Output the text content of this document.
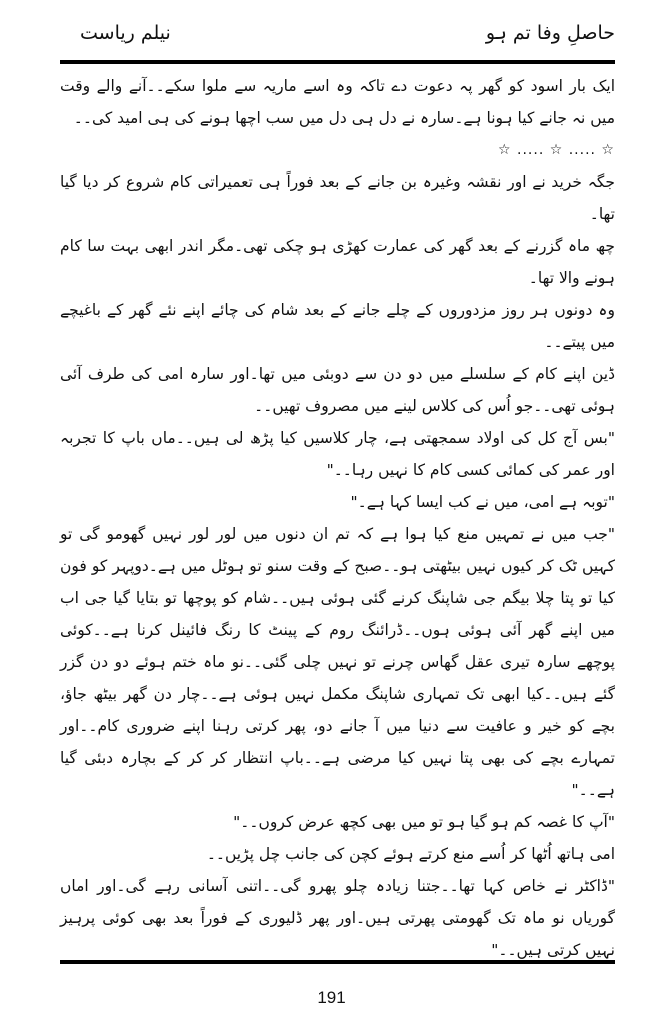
حاصلِ وفا تم ہو
نیلم ریاست

ایک بار اسود کو گھر پہ دعوت دے تاکہ وہ اسے ماریہ سے ملوا سکے۔۔آنے والے وقت میں نہ جانے کیا ہونا ہے۔سارہ نے دل ہی دل میں سب اچھا ہونے کی ہی امید کی۔۔

☆ ..... ☆ ..... ☆

جگہ خرید نے اور نقشہ وغیرہ بن جانے کے بعد فوراً ہی تعمیراتی کام شروع کر دیا گیا تھا۔

چھ ماہ گزرنے کے بعد گھر کی عمارت کھڑی ہو چکی تھی۔مگر اندر ابھی بہت سا کام ہونے والا تھا۔

وہ دونوں ہر روز مزدوروں کے چلے جانے کے بعد شام کی چائے اپنے نئے گھر کے باغیچے میں پیتے۔۔

ڈین اپنے کام کے سلسلے میں دو دن سے دوبئی میں تھا۔اور سارہ امی کی طرف آئی ہوئی تھی۔۔جو اُس کی کلاس لینے میں مصروف تھیں۔۔

"بس آج کل کی اولاد سمجھتی ہے، چار کلاسیں کیا پڑھ لی ہیں۔۔ماں باپ کا تجربہ اور عمر کی کمائی کسی کام کا نہیں رہا۔۔"

"توبہ ہے امی، میں نے کب ایسا کہا ہے۔"

"جب میں نے تمہیں منع کیا ہوا ہے کہ تم ان دنوں میں لور لور نہیں گھومو گی تو کہیں ٹک کر کیوں نہیں بیٹھتی ہو۔۔صبح کے وقت سنو تو ہوٹل میں ہے۔دوپہر کو فون کیا تو پتا چلا بیگم جی شاپنگ کرنے گئی ہوئی ہیں۔۔شام کو پوچھا تو بتایا گیا جی اب میں اپنے گھر آئی ہوئی ہوں۔۔ڈرائنگ روم کے پینٹ کا رنگ فائینل کرنا ہے۔۔کوئی پوچھے سارہ تیری عقل گھاس چرنے تو نہیں چلی گئی۔۔نو ماہ ختم ہوئے دو دن گزر گئے ہیں۔۔کیا ابھی تک تمہاری شاپنگ مکمل نہیں ہوئی ہے۔۔چار دن گھر بیٹھ جاؤ، بچے کو خیر و عافیت سے دنیا میں آ جانے دو، پھر کرتی رہنا اپنے ضروری کام۔۔اور تمہارے بچے کی بھی پتا نہیں کیا مرضی ہے۔۔باپ انتظار کر کر کے بچارہ دبئی گیا ہے۔۔"

"آپ کا غصہ کم ہو گیا ہو تو میں بھی کچھ عرض کروں۔۔"

امی ہاتھ اُٹھا کر اُسے منع کرتے ہوئے کچن کی جانب چل پڑیں۔۔

"ڈاکٹر نے خاص کہا تھا۔۔جتنا زیادہ چلو پھرو گی۔۔اتنی آسانی رہے گی۔اور اماں گوریاں نو ماہ تک گھومتی پھرتی ہیں۔اور پھر ڈلیوری کے فوراً بعد بھی کوئی پرہیز نہیں کرتی ہیں۔۔"

191
